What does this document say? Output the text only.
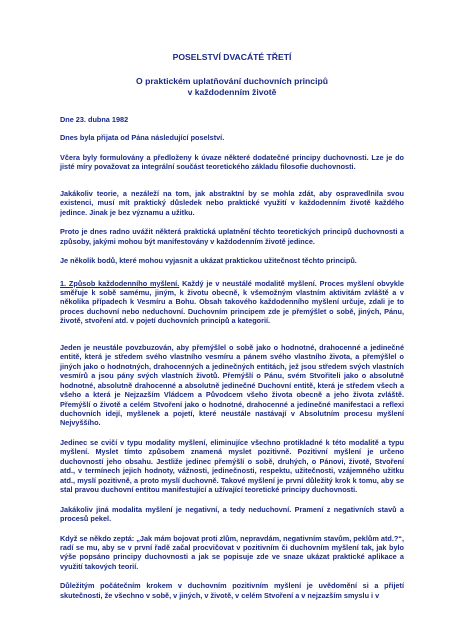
POSELSTVÍ DVACÁTÉ TŘETÍ
O praktickém uplatňování duchovních principů
v každodenním životě

Dne 23. dubna 1982

Dnes byla přijata od Pána následující poselství.

Včera byly formulovány a předloženy k úvaze některé dodatečné principy duchovnosti. Lze je do jisté míry považovat za integrální součást teoretického základu filosofie duchovnosti.

Jakákoliv teorie, a nezáleží na tom, jak abstraktní by se mohla zdát, aby ospravedlnila svou existenci, musí mít praktický důsledek nebo praktické využití v každodenním životě každého jedince. Jinak je bez významu a užitku.

Proto je dnes radno uvážit některá praktická uplatnění těchto teoretických principů duchovnosti a způsoby, jakými mohou být manifestovány v každodenním životě jedince.

Je několik bodů, které mohou vyjasnit a ukázat praktickou užitečnost těchto principů.

1. Způsob každodenního myšlení. Každý je v neustálé modalitě myšlení. Proces myšlení obvykle směřuje k sobě samému, jiným, k životu obecně, k všemožným vlastním aktivitám zvláště a v několika případech k Vesmíru a Bohu. Obsah takového každodenního myšlení určuje, zdali je to proces duchovní nebo neduchovní. Duchovním principem zde je přemýšlet o sobě, jiných, Pánu, životě, stvoření atd. v pojetí duchovních principů a kategorií.

Jeden je neustále povzbuzován, aby přemýšlel o sobě jako o hodnotné, drahocenné a jedinečné entitě, která je středem svého vlastního vesmíru a pánem svého vlastního života, a přemýšlel o jiných jako o hodnotných, drahocenných a jedinečných entitách, jež jsou středem svých vlastních vesmírů a jsou pány svých vlastních životů. Přemýšlí o Pánu, svém Stvořiteli jako o absolutně hodnotné, absolutně drahocenné a absolutně jedinečné Duchovní entitě, která je středem všech a všeho a která je Nejzazším Vládcem a Původcem všeho života obecně a jeho života zvláště. Přemýšlí o životě a celém Stvoření jako o hodnotné, drahocenné a jedinečné manifestaci a reflexi duchovních idejí, myšlenek a pojetí, které neustále nastávají v Absolutním procesu myšlení Nejvyššího.

Jedinec se cvičí v typu modality myšlení, eliminujíce všechno protikladné k této modalitě a typu myšlení. Myslet tímto způsobem znamená myslet pozitivně. Pozitivní myšlení je určeno duchovností jeho obsahu. Jestliže jedinec přemýšlí o sobě, druhých, o Pánovi, životě, Stvoření atd., v termínech jejich hodnoty, vážnosti, jedinečnosti, respektu, užitečnosti, vzájemného užitku atd., myslí pozitivně, a proto myslí duchovně. Takové myšlení je první důležitý krok k tomu, aby se stal pravou duchovní entitou manifestující a užívající teoretické principy duchovnosti.

Jakákoliv jiná modalita myšlení je negativní, a tedy neduchovní. Pramení z negativních stavů a procesů pekel.

Když se někdo zeptá: „Jak mám bojovat proti zlům, nepravdám, negativním stavům, peklům atd.?“, radí se mu, aby se v první řadě začal procvičovat v pozitivním či duchovním myšlení tak, jak bylo výše popsáno principy duchovnosti a jak se popisuje zde ve snaze ukázat praktické aplikace a využití takových teorií.

Důležitým počátečním krokem v duchovním pozitivním myšlení je uvědomění si a přijetí skutečnosti, že všechno v sobě, v jiných, v životě, v celém Stvoření a v nejzazším smyslu i v
